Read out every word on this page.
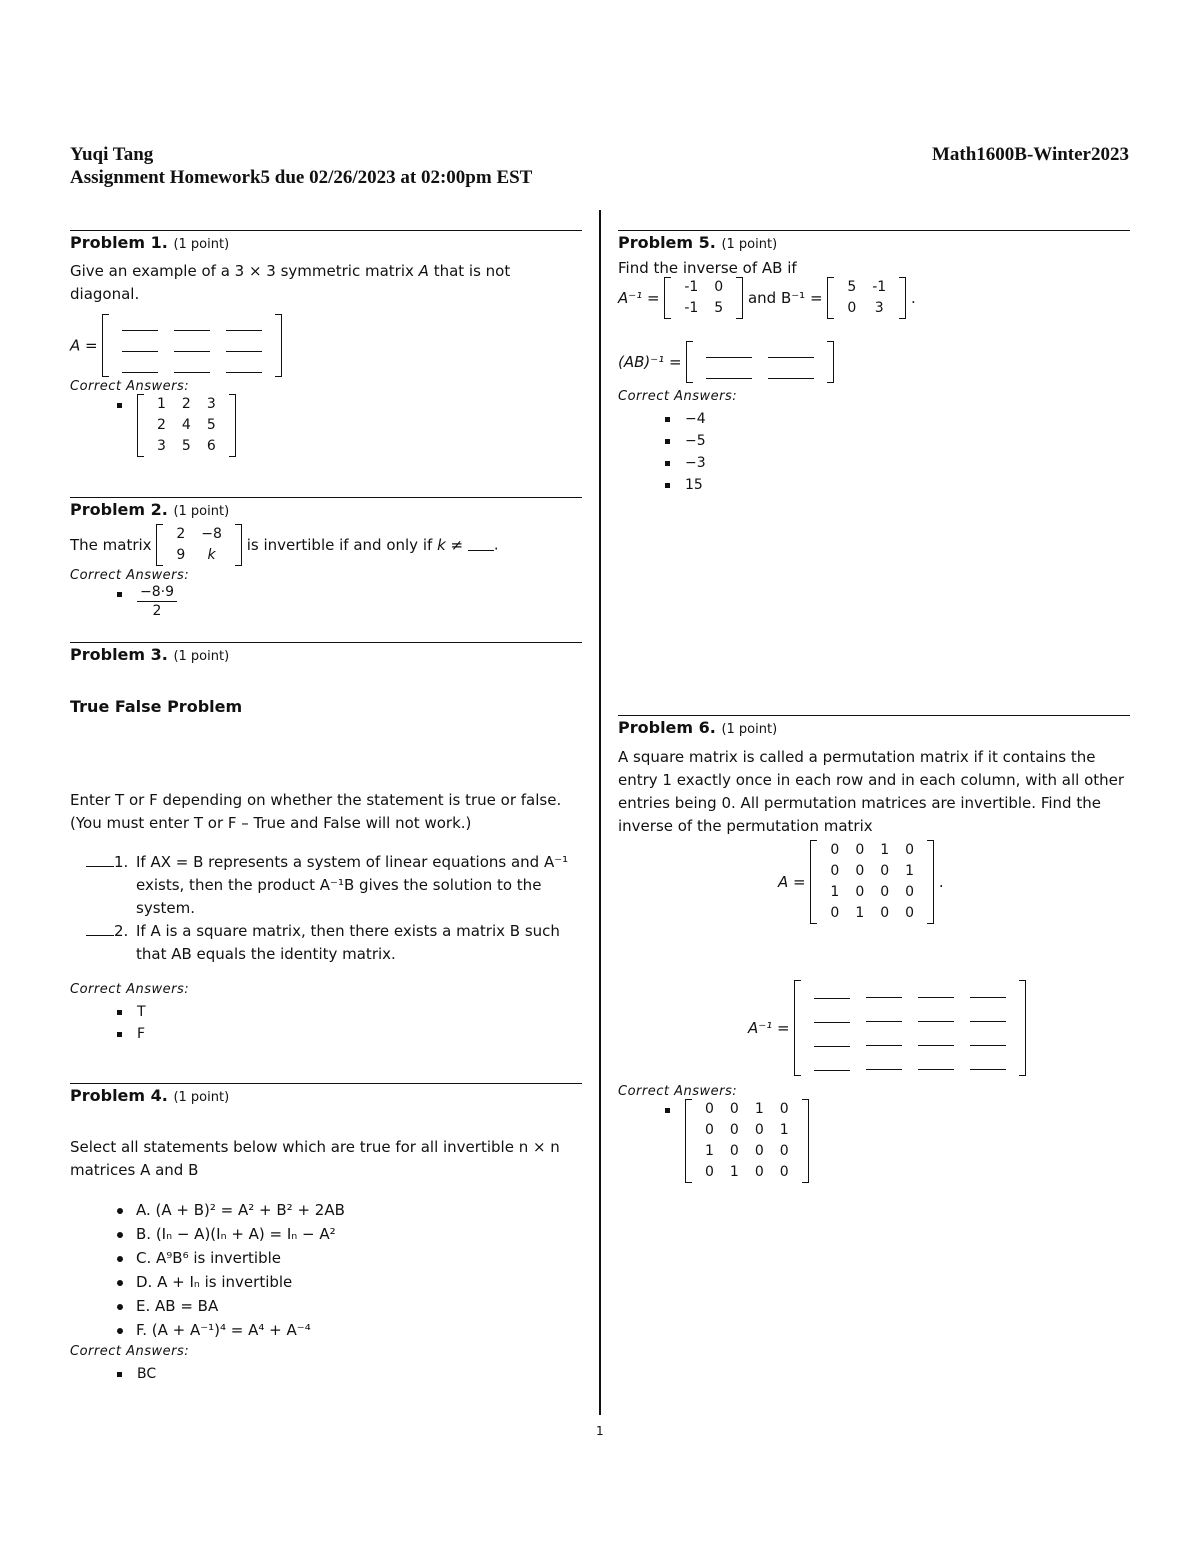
Yuqi Tang
Assignment Homework5 due 02/26/2023 at 02:00pm EST
Math1600B-Winter2023
Problem 1. (1 point)
Give an example of a 3 × 3 symmetric matrix A that is not diagonal.
A =

Correct Answers:
1	2	3
2	4	5
3	5	6
Problem 2. (1 point)
The matrix
2	−8
9	k
is invertible if and only if k ≠ .
Correct Answers:
$\frac{-8\cdot 9}{2}$
Problem 3. (1 point)
True False Problem
Enter T or F depending on whether the statement is true or false. (You must enter T or F – True and False will not work.)
1. If AX = B represents a system of linear equations and A⁻¹ exists, then the product A⁻¹B gives the solution to the system.
2. If A is a square matrix, then there exists a matrix B such that AB equals the identity matrix.
Correct Answers:
T
F
Problem 4. (1 point)
Select all statements below which are true for all invertible n × n matrices A and B
A. (A + B)² = A² + B² + 2AB
B. (Iₙ − A)(Iₙ + A) = Iₙ − A²
C. A⁹B⁶ is invertible
D. A + Iₙ is invertible
E. AB = BA
F. (A + A⁻¹)⁴ = A⁴ + A⁻⁴
Correct Answers:
BC
Problem 5. (1 point)
Find the inverse of AB if
A⁻¹ =
-1	0
-1	5
and B⁻¹ =
5	-1
0	3
.
(AB)⁻¹ =

Correct Answers:
−4
−5
−3
15
Problem 6. (1 point)
A square matrix is called a permutation matrix if it contains the entry 1 exactly once in each row and in each column, with all other entries being 0. All permutation matrices are invertible. Find the inverse of the permutation matrix
A =
0	0	1	0
0	0	0	1
1	0	0	0
0	1	0	0
.
A⁻¹ =

Correct Answers:
0	0	1	0
0	0	0	1
1	0	0	0
0	1	0	0
1
